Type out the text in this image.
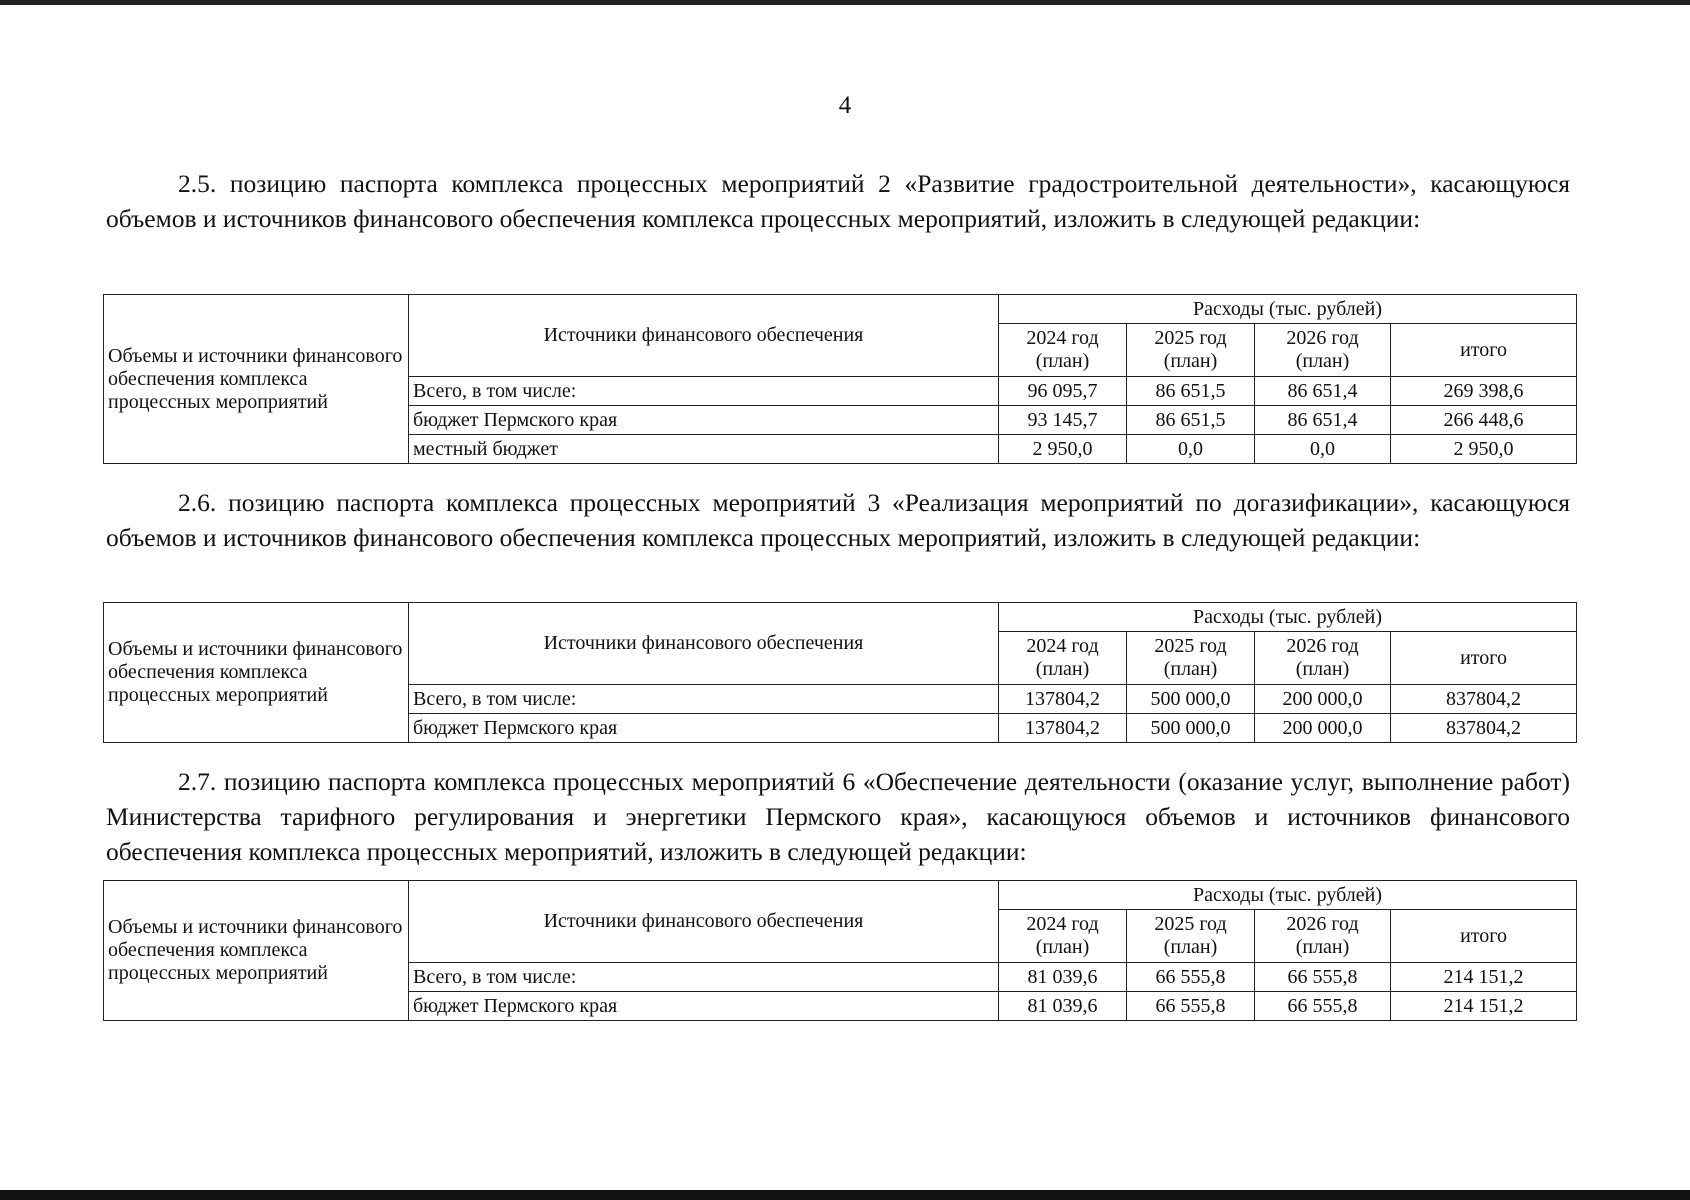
4
2.5. позицию паспорта комплекса процессных мероприятий 2 «Развитие градостроительной деятельности», касающуюся объемов и источников финансового обеспечения комплекса процессных мероприятий, изложить в следующей редакции:
Объемы и источники финансового обеспечения комплекса процессных мероприятий	Источники финансового обеспечения	Расходы (тыс. рублей)			
		2024 год (план)	2025 год (план)	2026 год (план)	итого
	Всего, в том числе:	96 095,7	86 651,5	86 651,4	269 398,6
	бюджет Пермского края	93 145,7	86 651,5	86 651,4	266 448,6
	местный бюджет	2 950,0	0,0	0,0	2 950,0
2.6. позицию паспорта комплекса процессных мероприятий 3 «Реализация мероприятий по догазификации», касающуюся объемов и источников финансового обеспечения комплекса процессных мероприятий, изложить в следующей редакции:
Объемы и источники финансового обеспечения комплекса процессных мероприятий	Источники финансового обеспечения	Расходы (тыс. рублей)			
		2024 год (план)	2025 год (план)	2026 год (план)	итого
	Всего, в том числе:	137804,2	500 000,0	200 000,0	837804,2
	бюджет Пермского края	137804,2	500 000,0	200 000,0	837804,2
2.7. позицию паспорта комплекса процессных мероприятий 6 «Обеспечение деятельности (оказание услуг, выполнение работ) Министерства тарифного регулирования и энергетики Пермского края», касающуюся объемов и источников финансового обеспечения комплекса процессных мероприятий, изложить в следующей редакции:
Объемы и источники финансового обеспечения комплекса процессных мероприятий	Источники финансового обеспечения	Расходы (тыс. рублей)			
		2024 год (план)	2025 год (план)	2026 год (план)	итого
	Всего, в том числе:	81 039,6	66 555,8	66 555,8	214 151,2
	бюджет Пермского края	81 039,6	66 555,8	66 555,8	214 151,2
